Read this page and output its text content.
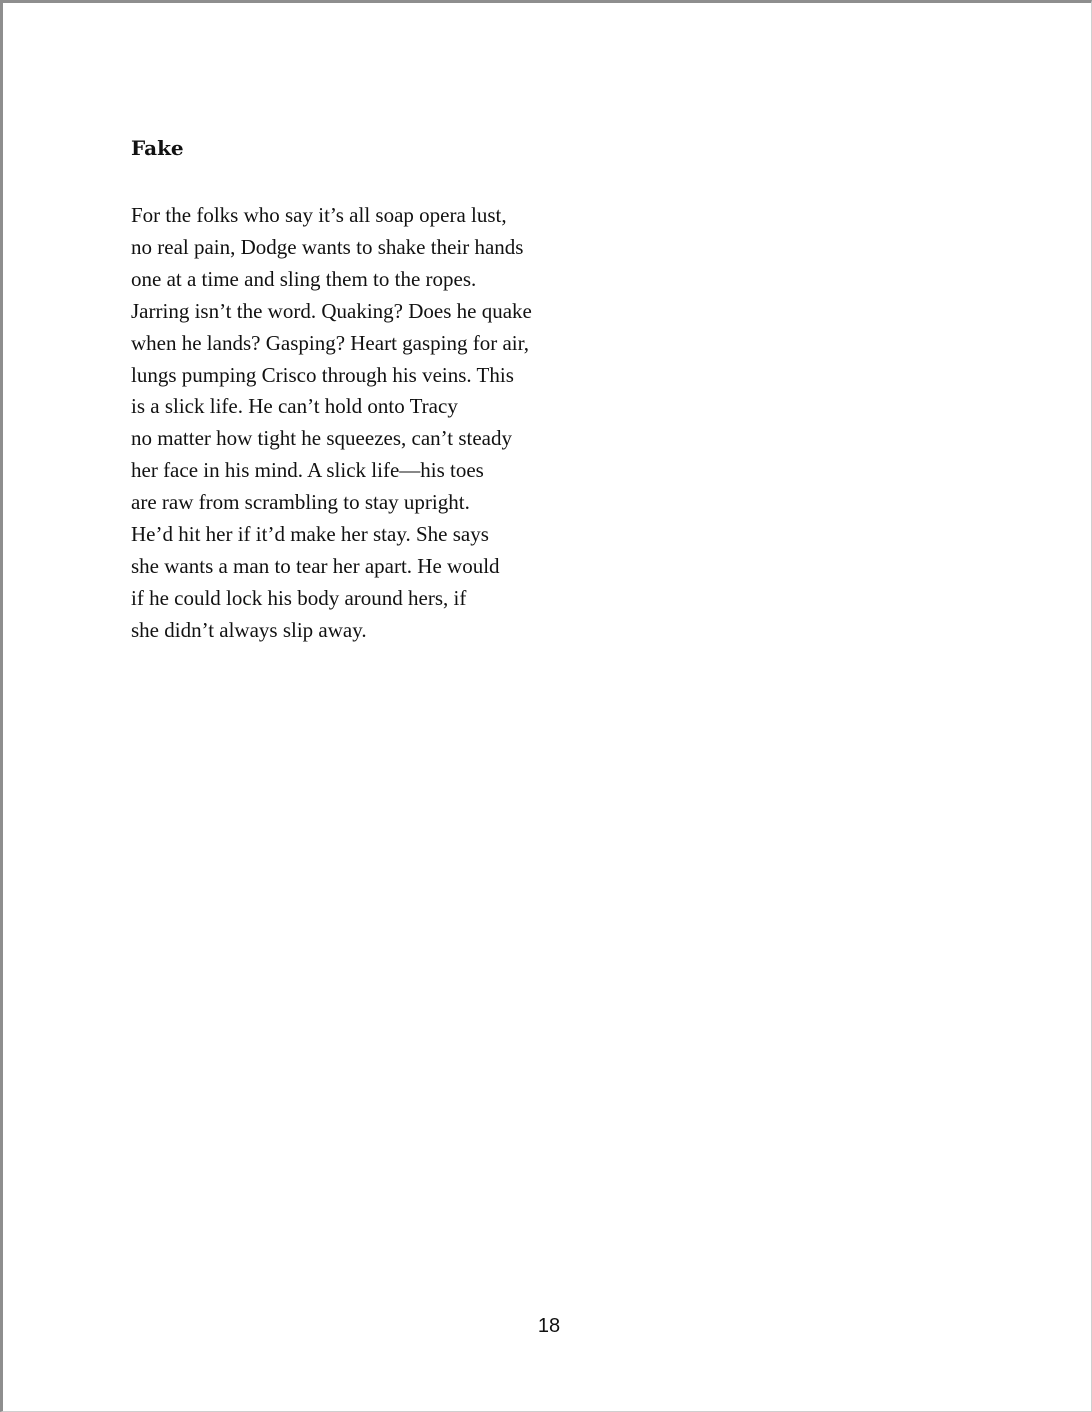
Fake
For the folks who say it’s all soap opera lust,
no real pain, Dodge wants to shake their hands
one at a time and sling them to the ropes.
Jarring isn’t the word. Quaking? Does he quake
when he lands? Gasping? Heart gasping for air,
lungs pumping Crisco through his veins. This
is a slick life. He can’t hold onto Tracy
no matter how tight he squeezes, can’t steady
her face in his mind. A slick life—his toes
are raw from scrambling to stay upright.
He’d hit her if it’d make her stay. She says
she wants a man to tear her apart. He would
if he could lock his body around hers, if
she didn’t always slip away.
18
